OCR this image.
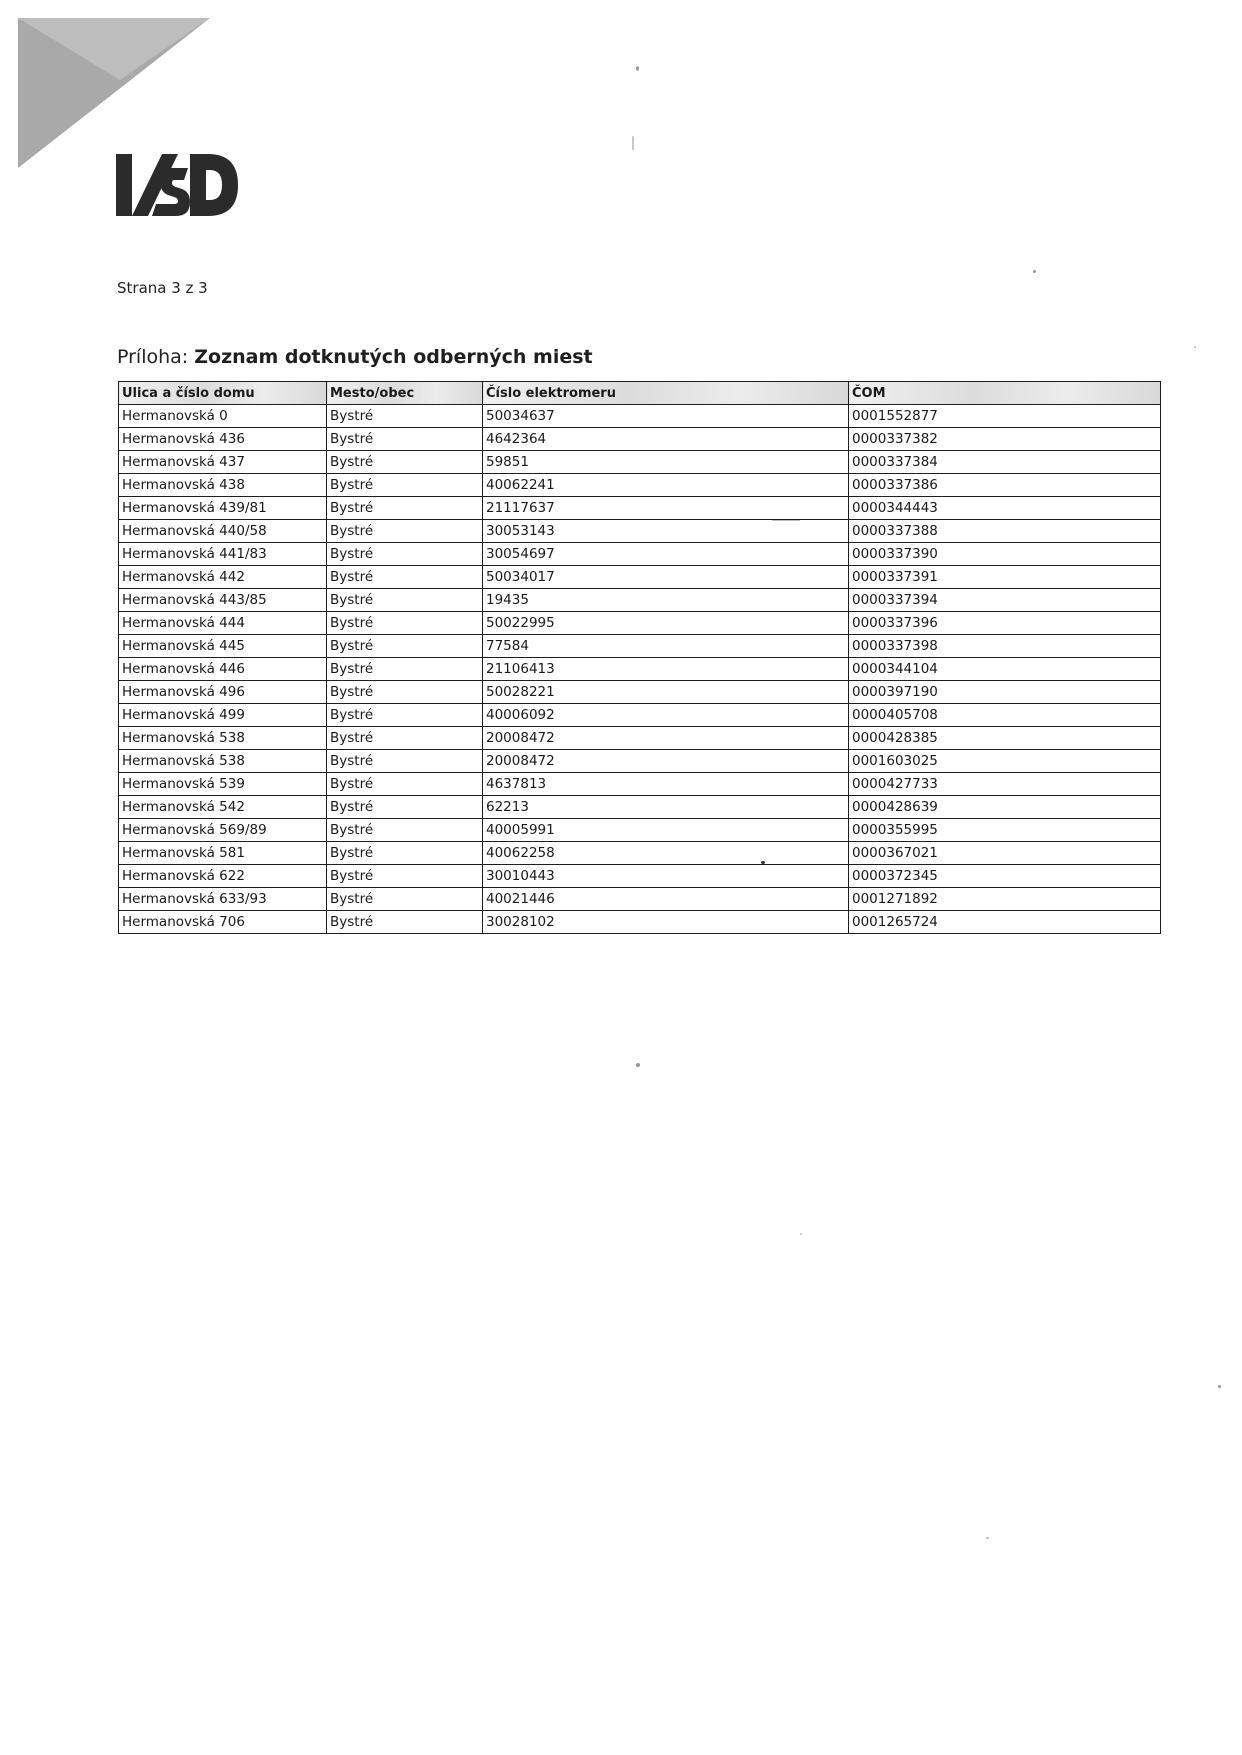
Strana 3 z 3
Príloha: Zoznam dotknutých odberných miest
Ulica a číslo domu	Mesto/obec	Číslo elektromeru	ČOM
Hermanovská 0	Bystré	50034637	0001552877
Hermanovská 436	Bystré	4642364	0000337382
Hermanovská 437	Bystré	59851	0000337384
Hermanovská 438	Bystré	40062241	0000337386
Hermanovská 439/81	Bystré	21117637	0000344443
Hermanovská 440/58	Bystré	30053143	0000337388
Hermanovská 441/83	Bystré	30054697	0000337390
Hermanovská 442	Bystré	50034017	0000337391
Hermanovská 443/85	Bystré	19435	0000337394
Hermanovská 444	Bystré	50022995	0000337396
Hermanovská 445	Bystré	77584	0000337398
Hermanovská 446	Bystré	21106413	0000344104
Hermanovská 496	Bystré	50028221	0000397190
Hermanovská 499	Bystré	40006092	0000405708
Hermanovská 538	Bystré	20008472	0000428385
Hermanovská 538	Bystré	20008472	0001603025
Hermanovská 539	Bystré	4637813	0000427733
Hermanovská 542	Bystré	62213	0000428639
Hermanovská 569/89	Bystré	40005991	0000355995
Hermanovská 581	Bystré	40062258	0000367021
Hermanovská 622	Bystré	30010443	0000372345
Hermanovská 633/93	Bystré	40021446	0001271892
Hermanovská 706	Bystré	30028102	0001265724
